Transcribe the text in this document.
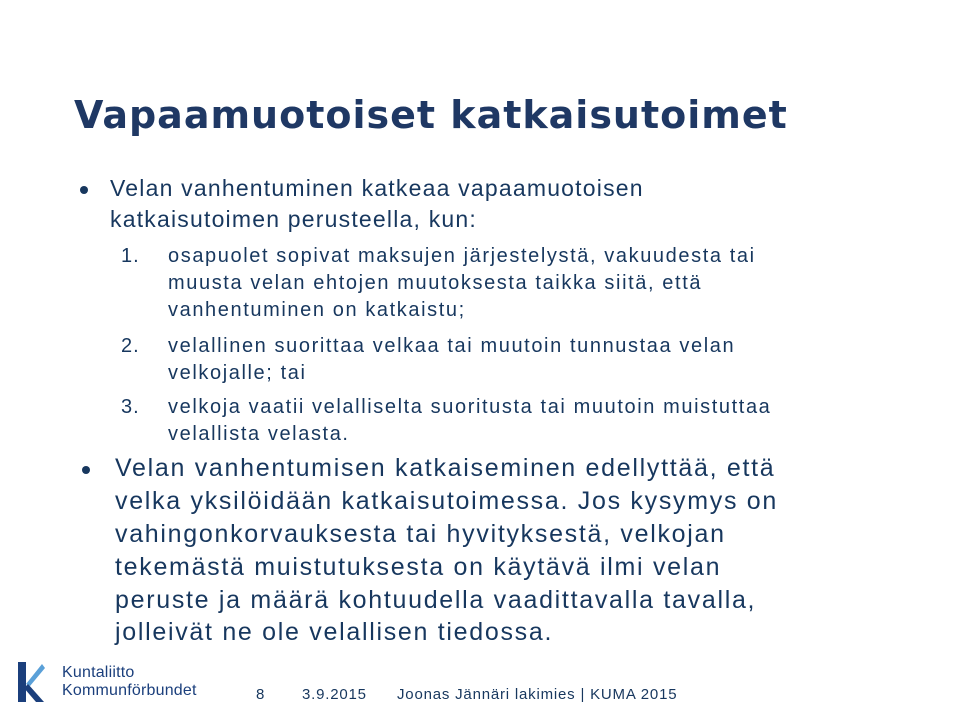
Vapaamuotoiset katkaisutoimet
Velan vanhentuminen katkeaa vapaamuotoisen
katkaisutoimen perusteella, kun:
1. osapuolet sopivat maksujen järjestelystä, vakuudesta tai
muusta velan ehtojen muutoksesta taikka siitä, että
vanhentuminen on katkaistu;
2. velallinen suorittaa velkaa tai muutoin tunnustaa velan
velkojalle; tai
3. velkoja vaatii velalliselta suoritusta tai muutoin muistuttaa
velallista velasta.
Velan vanhentumisen katkaiseminen edellyttää, että
velka yksilöidään katkaisutoimessa. Jos kysymys on
vahingonkorvauksesta tai hyvityksestä, velkojan
tekemästä muistutuksesta on käytävä ilmi velan
peruste ja määrä kohtuudella vaadittavalla tavalla,
jolleivät ne ole velallisen tiedossa.
Kuntaliitto
Kommunförbundet	8 3.9.2015 Joonas Jännäri lakimies | KUMA 2015
